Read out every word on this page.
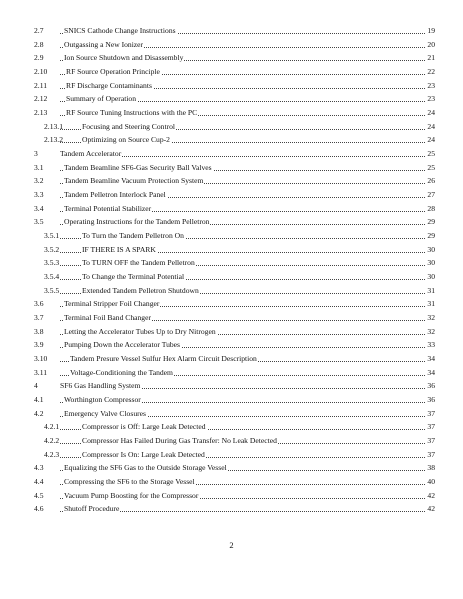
2.7	SNICS Cathode Change Instructions	19
2.8	Outgassing a New Ionizer	20
2.9	Ion Source Shutdown and Disassembly	21
2.10 RF Source Operation Principle	22
2.11 RF Discharge Contaminants	23
2.12 Summary of Operation	23
2.13 RF Source Tuning Instructions with the PC	24
2.13.1	Focusing and Steering Control	24
2.13.2	Optimizing on Source Cup-2	24
3	Tandem Accelerator	25
3.1	Tandem Beamline SF6-Gas Security Ball Valves	25
3.2	Tandem Beamline Vacuum Protection System	26
3.3	Tandem Pelletron Interlock Panel	27
3.4	Terminal Potential Stabilizer	28
3.5	Operating Instructions for the Tandem Pelletron	29
3.5.1	To Turn the Tandem Pelletron On	29
3.5.2	IF THERE IS A SPARK	30
3.5.3	To TURN OFF the Tandem Pelletron	30
3.5.4	To Change the Terminal Potential	30
3.5.5	Extended Tandem Pelletron Shutdown	31
3.6	Terminal Stripper Foil Changer	31
3.7	Terminal Foil Band Changer	32
3.8	Letting the Accelerator Tubes Up to Dry Nitrogen	32
3.9	Pumping Down the Accelerator Tubes	33
3.10	Tandem Presure Vessel Sulfur Hex Alarm Circuit Description	34
3.11	Voltage-Conditioning the Tandem	34
4	SF6 Gas Handling System	36
4.1	Worthington Compressor	36
4.2	Emergency Valve Closures	37
4.2.1	Compressor is Off: Large Leak Detected	37
4.2.2	Compressor Has Failed During Gas Transfer: No Leak Detected	37
4.2.3	Compressor Is On: Large Leak Detected	37
4.3	Equalizing the SF6 Gas to the Outside Storage Vessel	38
4.4	Compressing the SF6 to the Storage Vessel	40
4.5	Vacuum Pump Boosting for the Compressor	42
4.6	Shutoff Procedure	42
2
